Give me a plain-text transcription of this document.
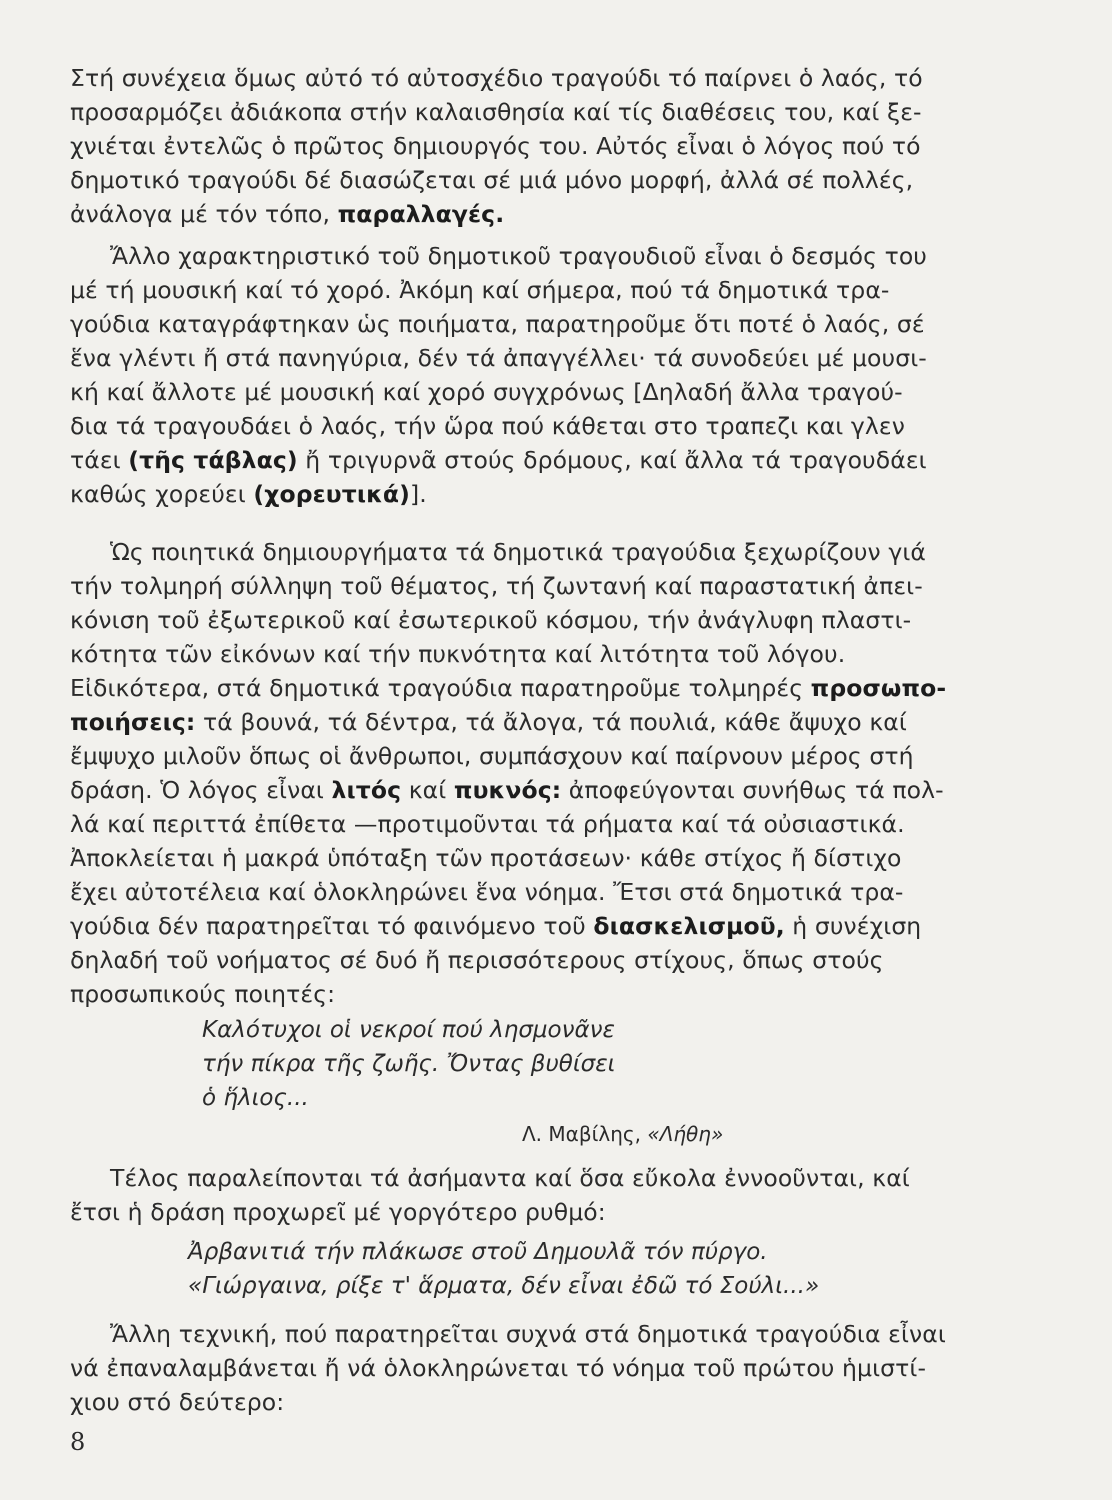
Στή συνέχεια ὅμως αὐτό τό αὐτοσχέδιο τραγούδι τό παίρνει ὁ λαός, τό
προσαρμόζει ἀδιάκοπα στήν καλαισθησία καί τίς διαθέσεις του, καί ξε-
χνιέται ἐντελῶς ὁ πρῶτος δημιουργός του. Αὐτός εἶναι ὁ λόγος πού τό
δημοτικό τραγούδι δέ διασώζεται σέ μιά μόνο μορφή, ἀλλά σέ πολλές,
ἀνάλογα μέ τόν τόπο, παραλλαγές.
Ἄλλο χαρακτηριστικό τοῦ δημοτικοῦ τραγουδιοῦ εἶναι ὁ δεσμός του
μέ τή μουσική καί τό χορό. Ἀκόμη καί σήμερα, πού τά δημοτικά τρα-
γούδια καταγράφτηκαν ὡς ποιήματα, παρατηροῦμε ὅτι ποτέ ὁ λαός, σέ
ἕνα γλέντι ἤ στά πανηγύρια, δέν τά ἀπαγγέλλει· τά συνοδεύει μέ μουσι-
κή καί ἄλλοτε μέ μουσική καί χορό συγχρόνως [Δηλαδή ἄλλα τραγού-
δια τά τραγουδάει ὁ λαός, τήν ὥρα πού κάθεται στο τραπεζι και γλεν
τάει (τῆς τάβλας) ἤ τριγυρνᾶ στούς δρόμους, καί ἄλλα τά τραγουδάει
καθώς χορεύει (χορευτικά)].
Ὡς ποιητικά δημιουργήματα τά δημοτικά τραγούδια ξεχωρίζουν γιά
τήν τολμηρή σύλληψη τοῦ θέματος, τή ζωντανή καί παραστατική ἀπει-
κόνιση τοῦ ἐξωτερικοῦ καί ἐσωτερικοῦ κόσμου, τήν ἀνάγλυφη πλαστι-
κότητα τῶν εἰκόνων καί τήν πυκνότητα καί λιτότητα τοῦ λόγου.
Εἰδικότερα, στά δημοτικά τραγούδια παρατηροῦμε τολμηρές προσωπο-
ποιήσεις: τά βουνά, τά δέντρα, τά ἄλογα, τά πουλιά, κάθε ἄψυχο καί
ἔμψυχο μιλοῦν ὅπως οἱ ἄνθρωποι, συμπάσχουν καί παίρνουν μέρος στή
δράση. Ὁ λόγος εἶναι λιτός καί πυκνός: ἀποφεύγονται συνήθως τά πολ-
λά καί περιττά ἐπίθετα —προτιμοῦνται τά ρήματα καί τά οὐσιαστικά.
Ἀποκλείεται ἡ μακρά ὑπόταξη τῶν προτάσεων· κάθε στίχος ἤ δίστιχο
ἔχει αὐτοτέλεια καί ὁλοκληρώνει ἕνα νόημα. Ἔτσι στά δημοτικά τρα-
γούδια δέν παρατηρεῖται τό φαινόμενο τοῦ διασκελισμοῦ, ἡ συνέχιση
δηλαδή τοῦ νοήματος σέ δυό ἤ περισσότερους στίχους, ὅπως στούς
προσωπικούς ποιητές:
Καλότυχοι οἱ νεκροί πού λησμονᾶνε
τήν πίκρα τῆς ζωῆς. Ὄντας βυθίσει
ὁ ἥλιος...
Λ. Μαβίλης, «Λήθη»
Τέλος παραλείπονται τά ἀσήμαντα καί ὅσα εὔκολα ἐννοοῦνται, καί
ἔτσι ἡ δράση προχωρεῖ μέ γοργότερο ρυθμό:
Ἀρβανιτιά τήν πλάκωσε στοῦ Δημουλᾶ τόν πύργο.
«Γιώργαινα, ρίξε τ' ἅρματα, δέν εἶναι ἐδῶ τό Σούλι...»
Ἄλλη τεχνική, πού παρατηρεῖται συχνά στά δημοτικά τραγούδια εἶναι
νά ἐπαναλαμβάνεται ἤ νά ὁλοκληρώνεται τό νόημα τοῦ πρώτου ἡμιστί-
χιου στό δεύτερο:
8
